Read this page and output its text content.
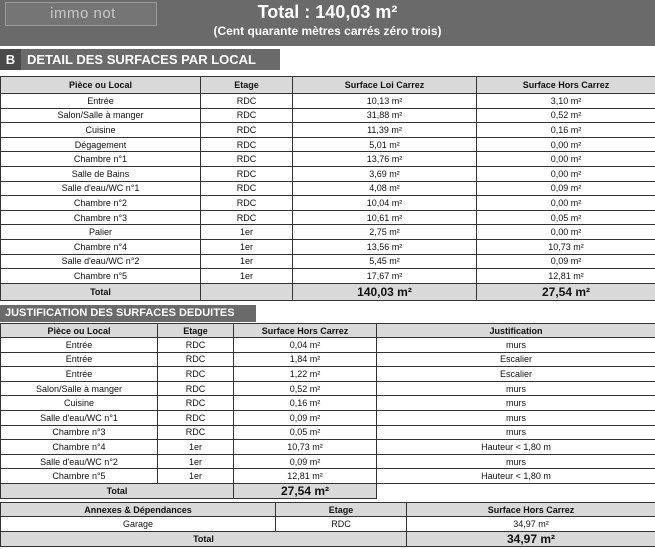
immo not	Total : 140,03 m²
(Cent quarante mètres carrés zéro trois)
B DETAIL DES SURFACES PAR LOCAL
Pièce ou Local	Etage	Surface Loi Carrez	Surface Hors Carrez
Entrée	RDC	10,13 m²	3,10 m²
Salon/Salle à manger	RDC	31,88 m²	0,52 m²
Cuisine	RDC	11,39 m²	0,16 m²
Dégagement	RDC	5,01 m²	0,00 m²
Chambre n°1	RDC	13,76 m²	0,00 m²
Salle de Bains	RDC	3,69 m²	0,00 m²
Salle d'eau/WC n°1	RDC	4,08 m²	0,09 m²
Chambre n°2	RDC	10,04 m²	0,00 m²
Chambre n°3	RDC	10,61 m²	0,05 m²
Palier	1er	2,75 m²	0,00 m²
Chambre n°4	1er	13,56 m²	10,73 m²
Salle d'eau/WC n°2	1er	5,45 m²	0,09 m²
Chambre n°5	1er	17,67 m²	12,81 m²
Total		140,03 m²	27,54 m²
JUSTIFICATION DES SURFACES DEDUITES
Pièce ou Local	Etage	Surface Hors Carrez	Justification
Entrée	RDC	0,04 m²	murs
Entrée	RDC	1,84 m²	Escalier
Entrée	RDC	1,22 m²	Escalier
Salon/Salle à manger	RDC	0,52 m²	murs
Cuisine	RDC	0,16 m²	murs
Salle d'eau/WC n°1	RDC	0,09 m²	murs
Chambre n°3	RDC	0,05 m²	murs
Chambre n°4	1er	10,73 m²	Hauteur < 1,80 m
Salle d'eau/WC n°2	1er	0,09 m²	murs
Chambre n°5	1er	12,81 m²	Hauteur < 1,80 m
Total		27,54 m²	
Annexes & Dépendances	Etage	Surface Hors Carrez
Garage	RDC	34,97 m²
Total		34,97 m²
